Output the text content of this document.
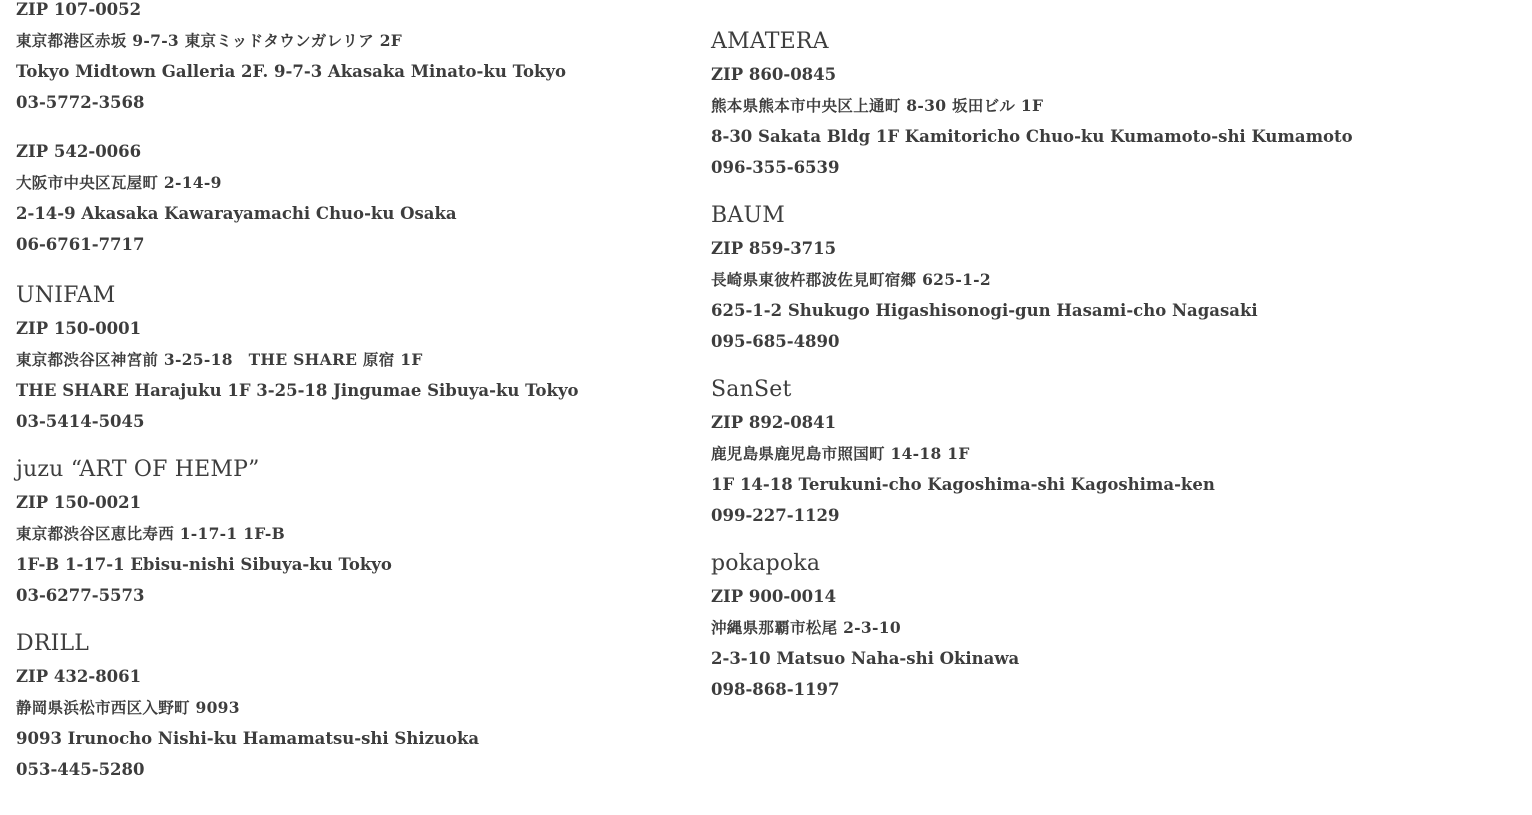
ZIP 107-0052
東京都港区赤坂 9-7-3 東京ミッドタウンガレリア 2F
Tokyo Midtown Galleria 2F. 9-7-3 Akasaka Minato-ku Tokyo
03-5772-3568
ZIP 542-0066
大阪市中央区瓦屋町 2-14-9
2-14-9 Akasaka Kawarayamachi Chuo-ku Osaka
06-6761-7717
UNIFAM
ZIP 150-0001
東京都渋谷区神宮前 3-25-18　THE SHARE 原宿 1F
THE SHARE Harajuku 1F 3-25-18 Jingumae Sibuya-ku Tokyo
03-5414-5045
juzu “ART OF HEMP”
ZIP 150-0021
東京都渋谷区恵比寿西 1-17-1 1F-B
1F-B 1-17-1 Ebisu-nishi Sibuya-ku Tokyo
03-6277-5573
DRILL
ZIP 432-8061
静岡県浜松市西区入野町 9093
9093 Irunocho Nishi-ku Hamamatsu-shi Shizuoka
053-445-5280
AMATERA
ZIP 860-0845
熊本県熊本市中央区上通町 8-30 坂田ビル 1F
8-30 Sakata Bldg 1F Kamitoricho Chuo-ku Kumamoto-shi Kumamoto
096-355-6539
BAUM
ZIP 859-3715
長崎県東彼杵郡波佐見町宿郷 625-1-2
625-1-2 Shukugo Higashisonogi-gun Hasami-cho Nagasaki
095-685-4890
SanSet
ZIP 892-0841
鹿児島県鹿児島市照国町 14-18 1F
1F 14-18 Terukuni-cho Kagoshima-shi Kagoshima-ken
099-227-1129
pokapoka
ZIP 900-0014
沖縄県那覇市松尾 2-3-10
2-3-10 Matsuo Naha-shi Okinawa
098-868-1197
